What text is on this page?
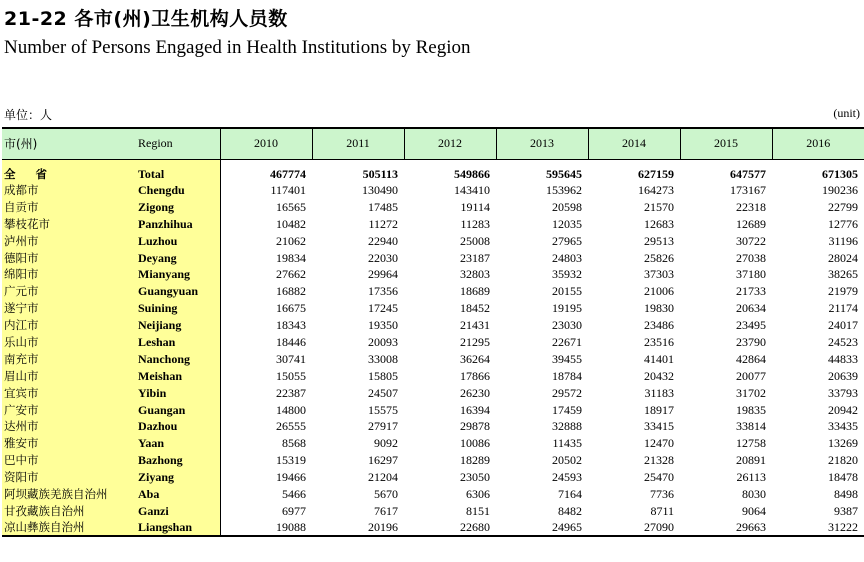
21-22 各市(州)卫生机构人员数
Number of Persons Engaged in Health Institutions by Region
单位：人	(unit)
市(州)	Region	2010	2011	2012	2013	2014	2015	2016
全 省	Total	467774	505113	549866	595645	627159	647577	671305
成都市	Chengdu	117401	130490	143410	153962	164273	173167	190236
自贡市	Zigong	16565	17485	19114	20598	21570	22318	22799
攀枝花市	Panzhihua	10482	11272	11283	12035	12683	12689	12776
泸州市	Luzhou	21062	22940	25008	27965	29513	30722	31196
德阳市	Deyang	19834	22030	23187	24803	25826	27038	28024
绵阳市	Mianyang	27662	29964	32803	35932	37303	37180	38265
广元市	Guangyuan	16882	17356	18689	20155	21006	21733	21979
遂宁市	Suining	16675	17245	18452	19195	19830	20634	21174
内江市	Neijiang	18343	19350	21431	23030	23486	23495	24017
乐山市	Leshan	18446	20093	21295	22671	23516	23790	24523
南充市	Nanchong	30741	33008	36264	39455	41401	42864	44833
眉山市	Meishan	15055	15805	17866	18784	20432	20077	20639
宜宾市	Yibin	22387	24507	26230	29572	31183	31702	33793
广安市	Guangan	14800	15575	16394	17459	18917	19835	20942
达州市	Dazhou	26555	27917	29878	32888	33415	33814	33435
雅安市	Yaan	8568	9092	10086	11435	12470	12758	13269
巴中市	Bazhong	15319	16297	18289	20502	21328	20891	21820
资阳市	Ziyang	19466	21204	23050	24593	25470	26113	18478
阿坝藏族羌族自治州	Aba	5466	5670	6306	7164	7736	8030	8498
甘孜藏族自治州	Ganzi	6977	7617	8151	8482	8711	9064	9387
凉山彝族自治州	Liangshan	19088	20196	22680	24965	27090	29663	31222
